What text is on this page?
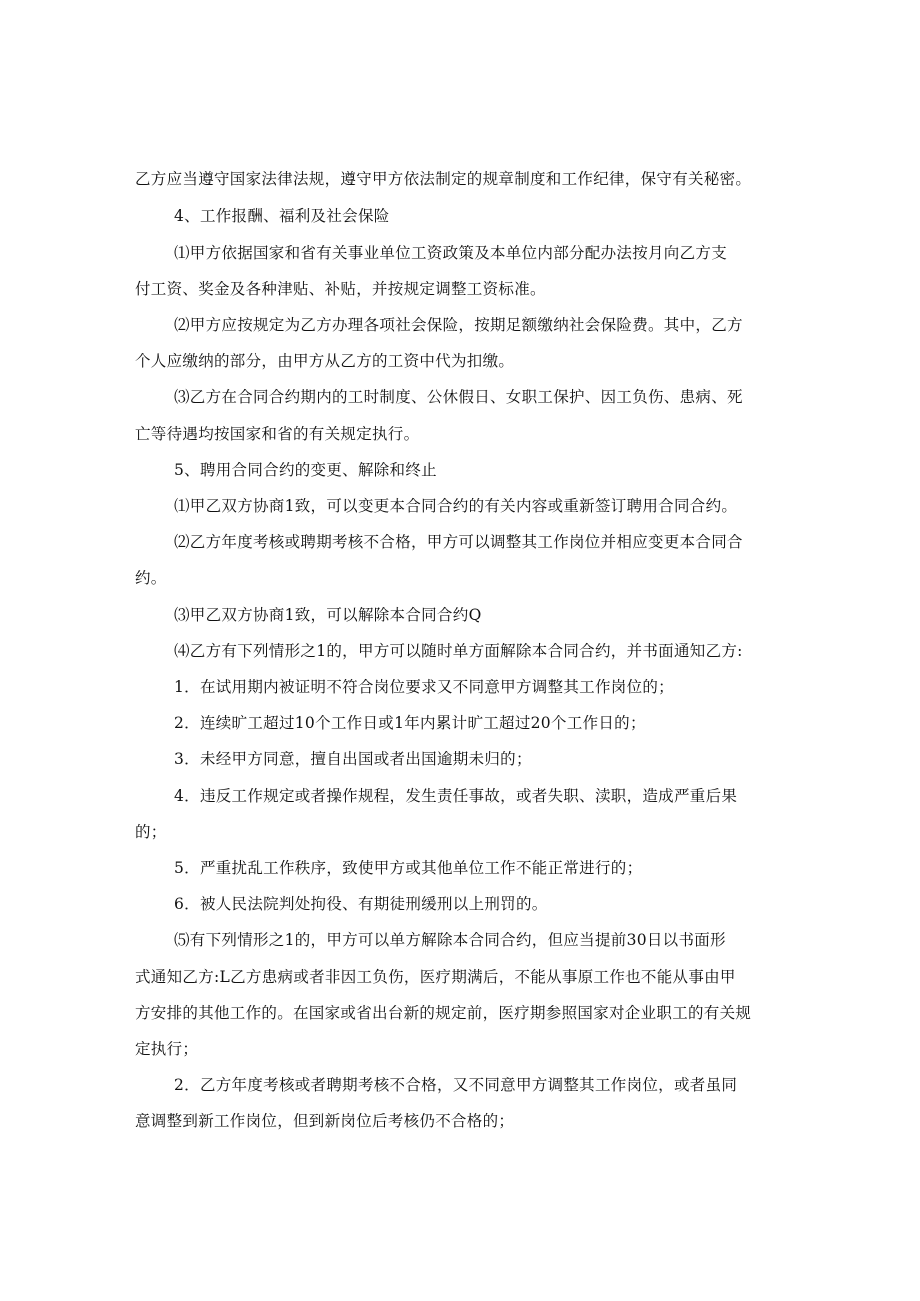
乙方应当遵守国家法律法规，遵守甲方依法制定的规章制度和工作纪律，保守有关秘密。
4、工作报酬、福利及社会保险
⑴甲方依据国家和省有关事业单位工资政策及本单位内部分配办法按月向乙方支
付工资、奖金及各种津贴、补贴，并按规定调整工资标准。
⑵甲方应按规定为乙方办理各项社会保险，按期足额缴纳社会保险费。其中，乙方
个人应缴纳的部分，由甲方从乙方的工资中代为扣缴。
⑶乙方在合同合约期内的工时制度、公休假日、女职工保护、因工负伤、患病、死
亡等待遇均按国家和省的有关规定执行。
5、聘用合同合约的变更、解除和终止
⑴甲乙双方协商1致，可以变更本合同合约的有关内容或重新签订聘用合同合约。
⑵乙方年度考核或聘期考核不合格，甲方可以调整其工作岗位并相应变更本合同合
约。
⑶甲乙双方协商1致，可以解除本合同合约Q
⑷乙方有下列情形之1的，甲方可以随时单方面解除本合同合约，并书面通知乙方:
1．在试用期内被证明不符合岗位要求又不同意甲方调整其工作岗位的；
2．连续旷工超过10个工作日或1年内累计旷工超过20个工作日的；
3．未经甲方同意，擅自出国或者出国逾期未归的；
4．违反工作规定或者操作规程，发生责任事故，或者失职、渎职，造成严重后果
的；
5．严重扰乱工作秩序，致使甲方或其他单位工作不能正常进行的；
6．被人民法院判处拘役、有期徒刑缓刑以上刑罚的。
⑸有下列情形之1的，甲方可以单方解除本合同合约，但应当提前30日以书面形
式通知乙方:L乙方患病或者非因工负伤，医疗期满后，不能从事原工作也不能从事由甲
方安排的其他工作的。在国家或省出台新的规定前，医疗期参照国家对企业职工的有关规
定执行；
2．乙方年度考核或者聘期考核不合格，又不同意甲方调整其工作岗位，或者虽同
意调整到新工作岗位，但到新岗位后考核仍不合格的；
